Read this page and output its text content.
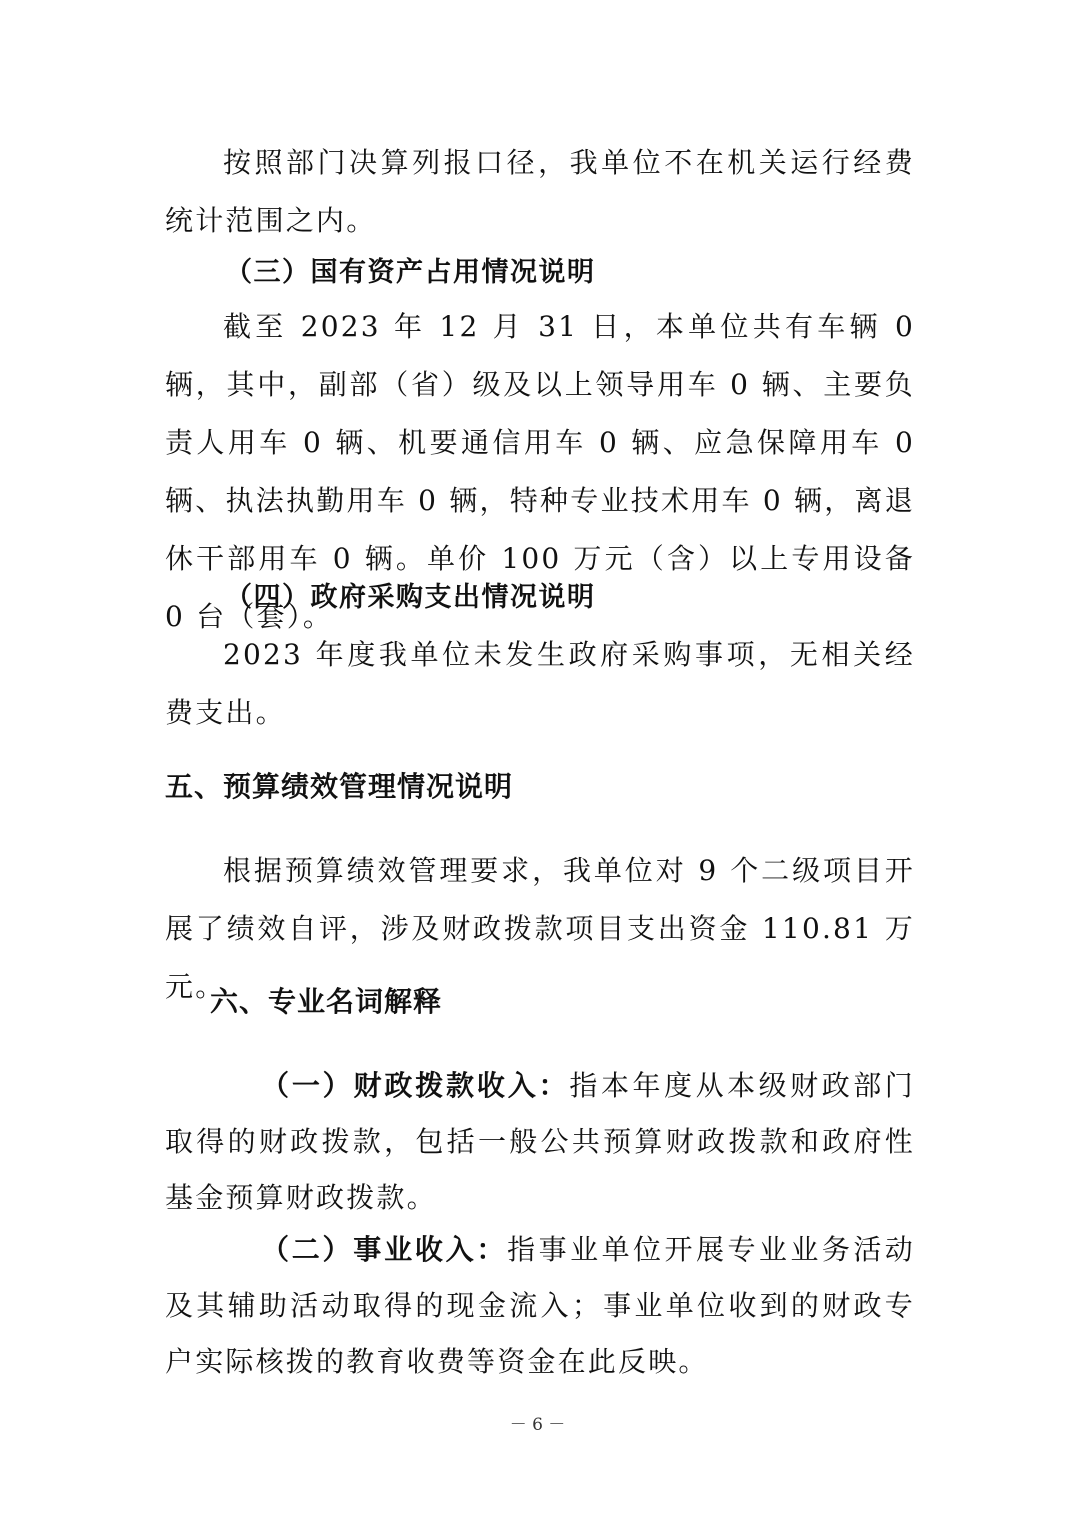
按照部门决算列报口径，我单位不在机关运行经费统计范围之内。

（三）国有资产占用情况说明

截至 2023 年 12 月 31 日，本单位共有车辆 0 辆，其中，副部（省）级及以上领导用车 0 辆、主要负责人用车 0 辆、机要通信用车 0 辆、应急保障用车 0 辆、执法执勤用车 0 辆，特种专业技术用车 0 辆，离退休干部用车 0 辆。单价 100 万元（含）以上专用设备 0 台（套）。

（四）政府采购支出情况说明

2023 年度我单位未发生政府采购事项，无相关经费支出。

五、预算绩效管理情况说明

根据预算绩效管理要求，我单位对 9 个二级项目开展了绩效自评，涉及财政拨款项目支出资金 110.81 万元。

六、专业名词解释

（一）财政拨款收入：指本年度从本级财政部门取得的财政拨款，包括一般公共预算财政拨款和政府性基金预算财政拨款。

（二）事业收入：指事业单位开展专业业务活动及其辅助活动取得的现金流入；事业单位收到的财政专户实际核拨的教育收费等资金在此反映。

－ 6 －
